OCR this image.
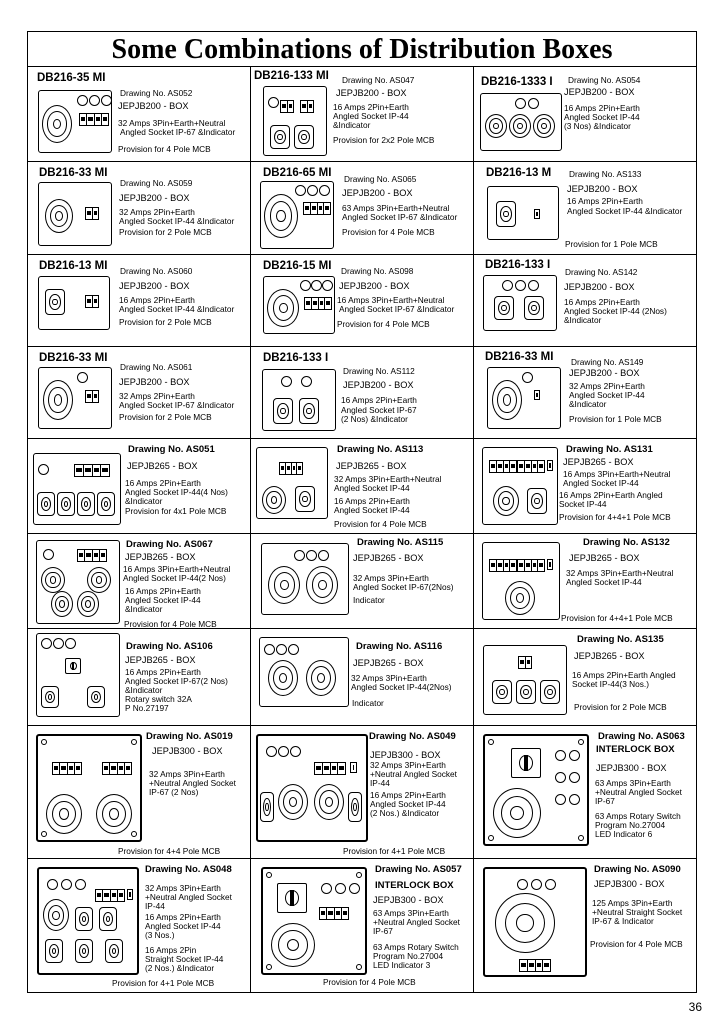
Some Combinations of Distribution Boxes
DB216-35 MI
Drawing No. AS052
JEPJB200 - BOX
32 Amps 3Pin+Earth+Neutral
Angled Socket IP-67 &Indicator
Provision for 4 Pole MCB
DB216-133 MI Drawing No. AS047
JEPJB200 - BOX
16 Amps 2Pin+Earth
Angled Socket IP-44
&Indicator
Provision for 2x2 Pole MCB
DB216-1333 I Drawing No. AS054
JEPJB200 - BOX
16 Amps 2Pin+Earth
Angled Socket IP-44
(3 Nos) &Indicator
DB216-33 MI
Drawing No. AS059
JEPJB200 - BOX
32 Amps 2Pin+Earth
Angled Socket IP-44 &Indicator
Provision for 2 Pole MCB
DB216-65 MI Drawing No. AS065
JEPJB200 - BOX
63 Amps 3Pin+Earth+Neutral
Angled Socket IP-67 &Indicator
Provision for 4 Pole MCB
DB216-13 M Drawing No. AS133
JEPJB200 - BOX
16 Amps 2Pin+Earth
Angled Socket IP-44 &Indicator
Provision for 1 Pole MCB
DB216-13 MI Drawing No. AS060
JEPJB200 - BOX
16 Amps 2Pin+Earth
Angled Socket IP-44 &Indicator
Provision for 2 Pole MCB
DB216-15 MI Drawing No. AS098
JEPJB200 - BOX
16 Amps 3Pin+Earth+Neutral
Angled Socket IP-67 &Indicator
Provision for 4 Pole MCB
DB216-133 I
Drawing No. AS142
JEPJB200 - BOX
16 Amps 2Pin+Earth
Angled Socket IP-44 (2Nos)
&Indicator
DB216-33 MI
Drawing No. AS061
JEPJB200 - BOX
32 Amps 2Pin+Earth
Angled Socket IP-67 &Indicator
Provision for 2 Pole MCB
DB216-133 I
Drawing No. AS112
JEPJB200 - BOX
16 Amps 2Pin+Earth
Angled Socket IP-67
(2 Nos) &Indicator
DB216-33 MI Drawing No. AS149
JEPJB200 - BOX
32 Amps 2Pin+Earth
Angled Socket IP-44
&Indicator
Provision for 1 Pole MCB
Drawing No. AS051
JEPJB265 - BOX
16 Amps 2Pin+Earth
Angled Socket IP-44(4 Nos)
&Indicator
Provision for 4x1 Pole MCB
Drawing No. AS113
JEPJB265 - BOX
32 Amps 3Pin+Earth+Neutral
Angled Socket IP-44
16 Amps 2Pin+Earth
Angled Socket IP-44
Provision for 4 Pole MCB
Drawing No. AS131
JEPJB265 - BOX
16 Amps 3Pin+Earth+Neutral
Angled Socket IP-44
16 Amps 2Pin+Earth Angled
Socket IP-44
Provision for 4+4+1 Pole MCB
Drawing No. AS067
JEPJB265 - BOX
16 Amps 3Pin+Earth+Neutral
Angled Socket IP-44(2 Nos)
16 Amps 2Pin+Earth
Angled Socket IP-44
&Indicator
Provision for 4 Pole MCB
Drawing No. AS115
JEPJB265 - BOX
32 Amps 3Pin+Earth
Angled Socket IP-67(2Nos)
Indicator
Drawing No. AS132
JEPJB265 - BOX
32 Amps 3Pin+Earth+Neutral
Angled Socket IP-44
Provision for 4+4+1 Pole MCB
Drawing No. AS106
JEPJB265 - BOX
16 Amps 2Pin+Earth
Angled Socket IP-67(2 Nos)
&Indicator
Rotary switch 32A
P No.27197
Drawing No. AS116
JEPJB265 - BOX
32 Amps 3Pin+Earth
Angled Socket IP-44(2Nos)
Indicator
Drawing No. AS135
JEPJB265 - BOX
16 Amps 2Pin+Earth Angled
Socket IP-44(3 Nos.)
Provision for 2 Pole MCB
Drawing No. AS019
JEPJB300 - BOX
32 Amps 3Pin+Earth
+Neutral Angled Socket
IP-67 (2 Nos)
Provision for 4+4 Pole MCB
Drawing No. AS049
JEPJB300 - BOX
32 Amps 3Pin+Earth
+Neutral Angled Socket
IP-44
16 Amps 2Pin+Earth
Angled Socket IP-44
(2 Nos.) &Indicator
Provision for 4+1 Pole MCB
Drawing No. AS063
INTERLOCK BOX
JEPJB300 - BOX
63 Amps 3Pin+Earth
+Neutral Angled Socket
IP-67
63 Amps Rotary Switch
Program No.27004
LED Indicator 6
Drawing No. AS048
32 Amps 3Pin+Earth
+Neutral Angled Socket
IP-44
16 Amps 2Pin+Earth
Angled Socket IP-44
(3 Nos.)
16 Amps 2Pin
Straight Socket IP-44
(2 Nos.) &Indicator
Provision for 4+1 Pole MCB
Drawing No. AS057
INTERLOCK BOX
JEPJB300 - BOX
63 Amps 3Pin+Earth
+Neutral Angled Socket
IP-67
63 Amps Rotary Switch
Program No.27004
LED Indicator 3
Provision for 4 Pole MCB
Drawing No. AS090
JEPJB300 - BOX
125 Amps 3Pin+Earth
+Neutral Straight Socket
IP-67 & Indicator
Provision for 4 Pole MCB
36
